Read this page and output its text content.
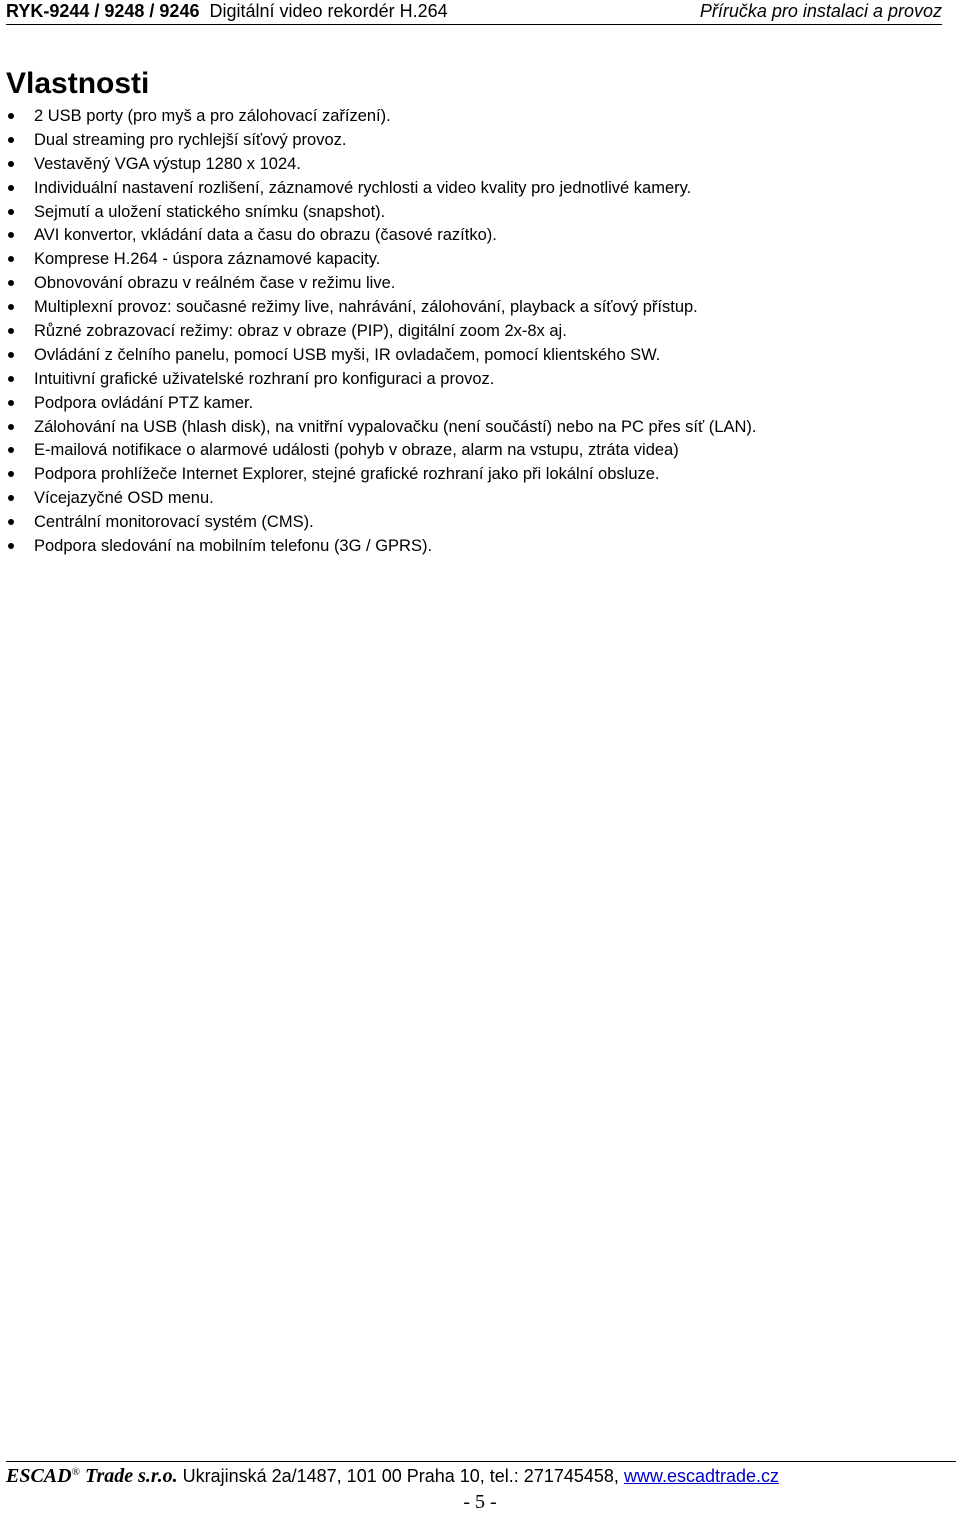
RYK-9244 / 9248 / 9246 Digitální video rekordér H.264	Příručka pro instalaci a provoz
Vlastnosti
2 USB porty (pro myš a pro zálohovací zařízení).
Dual streaming pro rychlejší síťový provoz.
Vestavěný VGA výstup 1280 x 1024.
Individuální nastavení rozlišení, záznamové rychlosti a video kvality pro jednotlivé kamery.
Sejmutí a uložení statického snímku (snapshot).
AVI konvertor, vkládání data a času do obrazu (časové razítko).
Komprese H.264 - úspora záznamové kapacity.
Obnovování obrazu v reálném čase v režimu live.
Multiplexní provoz: současné režimy live, nahrávání, zálohování, playback a síťový přístup.
Různé zobrazovací režimy: obraz v obraze (PIP), digitální zoom 2x-8x aj.
Ovládání z čelního panelu, pomocí USB myši, IR ovladačem, pomocí klientského SW.
Intuitivní grafické uživatelské rozhraní pro konfiguraci a provoz.
Podpora ovládání PTZ kamer.
Zálohování na USB (hlash disk), na vnitřní vypalovačku (není součástí) nebo na PC přes síť (LAN).
E-mailová notifikace o alarmové události (pohyb v obraze, alarm na vstupu, ztráta videa)
Podpora prohlížeče Internet Explorer, stejné grafické rozhraní jako při lokální obsluze.
Vícejazyčné OSD menu.
Centrální monitorovací systém (CMS).
Podpora sledování na mobilním telefonu (3G / GPRS).
ESCAD® Trade s.r.o. Ukrajinská 2a/1487, 101 00 Praha 10, tel.: 271745458, www.escadtrade.cz
- 5 -
